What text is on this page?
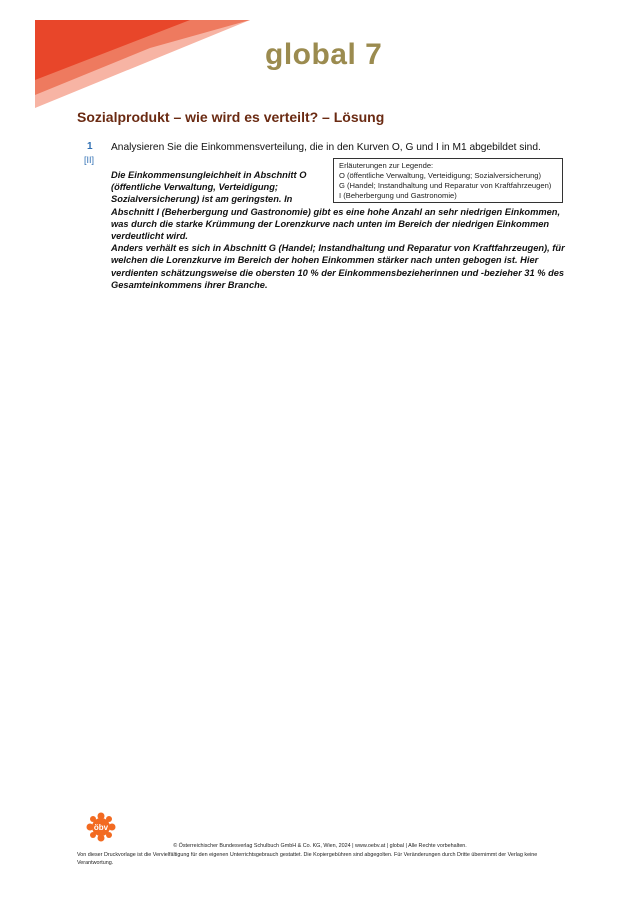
global 7
Sozialprodukt – wie wird es verteilt? – Lösung
1
[II]
Analysieren Sie die Einkommensverteilung, die in den Kurven O, G und I in M1 abgebildet sind.
Erläuterungen zur Legende:
O (öffentliche Verwaltung, Verteidigung; Sozialversicherung)
G (Handel; Instandhaltung und Reparatur von Kraftfahrzeugen)
I (Beherbergung und Gastronomie)

Die Einkommensungleichheit in Abschnitt O

(öffentliche Verwaltung, Verteidigung;

Sozialversicherung) ist am geringsten. In

Abschnitt I (Beherbergung und Gastronomie) gibt es eine hohe Anzahl an sehr niedrigen Einkommen, was durch die starke Krümmung der Lorenzkurve nach unten im Bereich der niedrigen Einkommen verdeutlicht wird.

Anders verhält es sich in Abschnitt G (Handel; Instandhaltung und Reparatur von Kraftfahrzeugen), für welchen die Lorenzkurve im Bereich der hohen Einkommen stärker nach unten gebogen ist. Hier verdienten schätzungsweise die obersten 10 % der Einkommensbezieherinnen und -bezieher 31 % des Gesamteinkommens ihrer Branche.

öbv
© Österreichischer Bundesverlag Schulbuch GmbH & Co. KG, Wien, 2024 | www.oebv.at | global | Alle Rechte vorbehalten.
Von dieser Druckvorlage ist die Vervielfältigung für den eigenen Unterrichtsgebrauch gestattet. Die Kopiergebühren sind abgegolten. Für Veränderungen durch Dritte übernimmt der Verlag keine Verantwortung.
